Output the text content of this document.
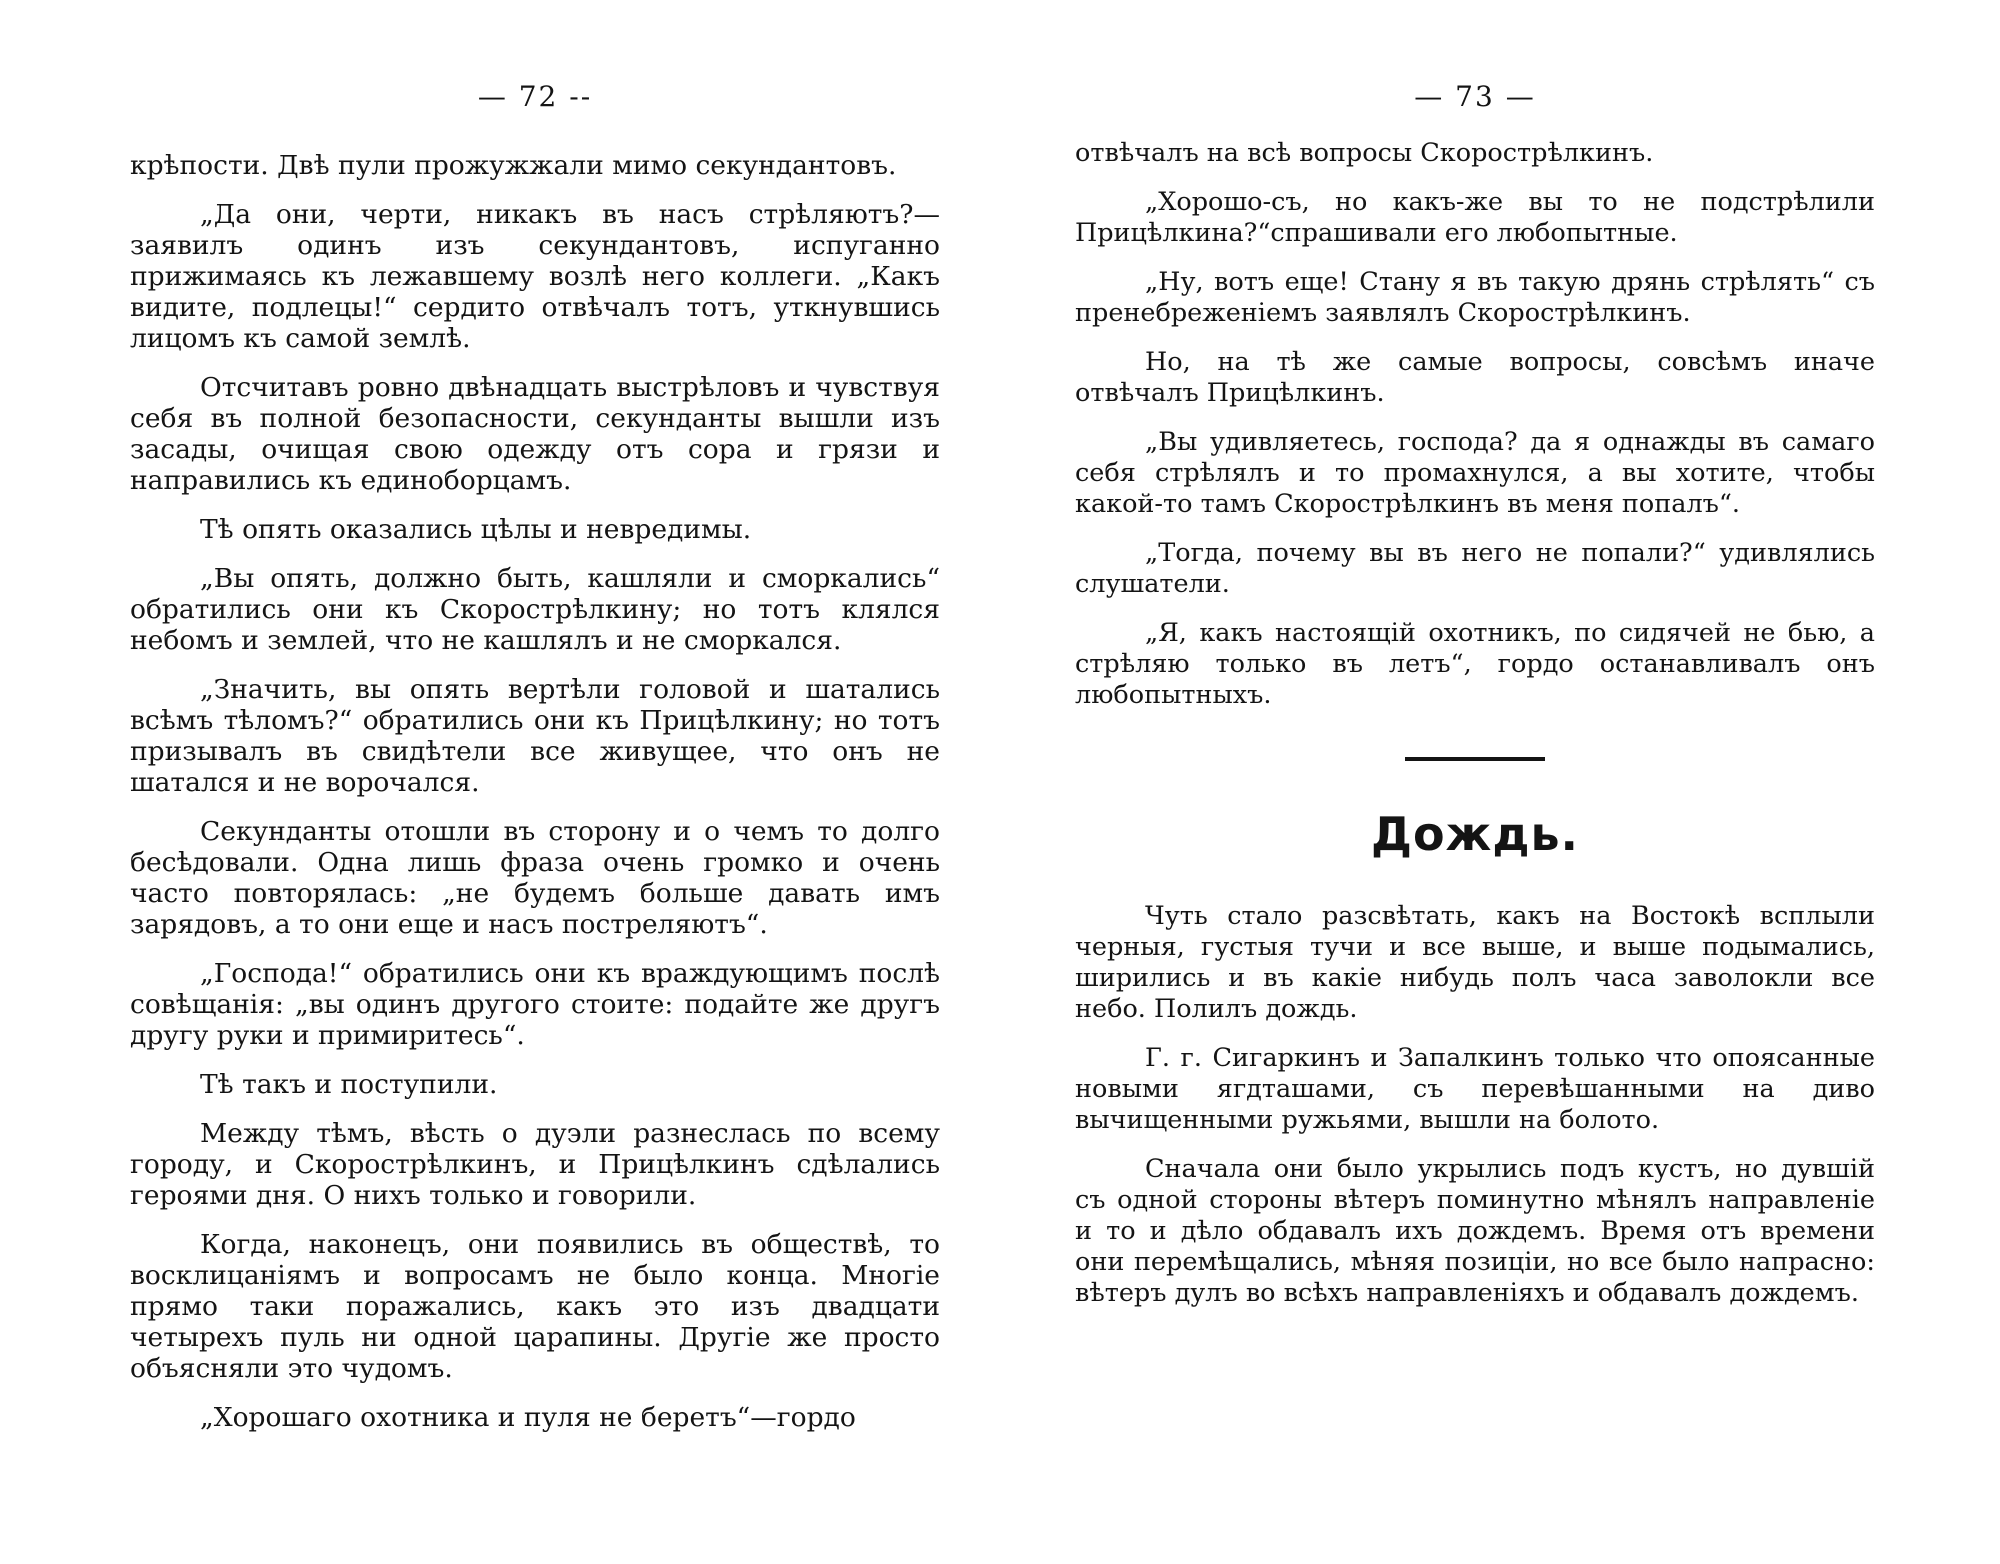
— 72 --

крѣпости. Двѣ пули прожужжали мимо секундантовъ.

„Да они, черти, никакъ въ насъ стрѣляютъ?—заявилъ одинъ изъ секундантовъ, испуганно прижимаясь къ лежавшему возлѣ него коллеги. „Какъ видите, подлецы!“ сердито отвѣчалъ тотъ, уткнувшись лицомъ къ самой землѣ.

Отсчитавъ ровно двѣнадцать выстрѣловъ и чувствуя себя въ полной безопасности, секунданты вышли изъ засады, очищая свою одежду отъ сора и грязи и направились къ единоборцамъ.

Тѣ опять оказались цѣлы и невредимы.

„Вы опять, должно быть, кашляли и сморкались“ обратились они къ Скорострѣлкину; но тотъ клялся небомъ и землей, что не кашлялъ и не сморкался.

„Значить, вы опять вертѣли головой и шатались всѣмъ тѣломъ?“ обратились они къ Прицѣлкину; но тотъ призывалъ въ свидѣтели все живущее, что онъ не шатался и не ворочался.

Секунданты отошли въ сторону и о чемъ то долго бесѣдовали. Одна лишь фраза очень громко и очень часто повторялась: „не будемъ больше давать имъ зарядовъ, а то они еще и насъ постреляютъ“.

„Господа!“ обратились они къ враждующимъ послѣ совѣщанія: „вы одинъ другого стоите: подайте же другъ другу руки и примиритесь“.

Тѣ такъ и поступили.

Между тѣмъ, вѣсть о дуэли разнеслась по всему городу, и Скорострѣлкинъ, и Прицѣлкинъ сдѣлались героями дня. О нихъ только и говорили.

Когда, наконецъ, они появились въ обществѣ, то восклицаніямъ и вопросамъ не было конца. Многіе прямо таки поражались, какъ это изъ двадцати четырехъ пуль ни одной царапины. Другіе же просто объясняли это чудомъ.

„Хорошаго охотника и пуля не беретъ“—гордо

— 73 —

отвѣчалъ на всѣ вопросы Скорострѣлкинъ.

„Хорошо-съ, но какъ-же вы то не подстрѣлили Прицѣлкина?“спрашивали его любопытные.

„Ну, вотъ еще! Стану я въ такую дрянь стрѣлять“ съ пренебреженіемъ заявлялъ Скорострѣлкинъ.

Но, на тѣ же самые вопросы, совсѣмъ иначе отвѣчалъ Прицѣлкинъ.

„Вы удивляетесь, господа? да я однажды въ самаго себя стрѣлялъ и то промахнулся, а вы хотите, чтобы какой-то тамъ Скорострѣлкинъ въ меня попалъ“.

„Тогда, почему вы въ него не попали?“ удивлялись слушатели.

„Я, какъ настоящій охотникъ, по сидячей не бью, а стрѣляю только въ летъ“, гордо останавливалъ онъ любопытныхъ.

Дождь.

Чуть стало разсвѣтать, какъ на Востокѣ всплыли черныя, густыя тучи и все выше, и выше подымались, ширились и въ какіе нибудь полъ часа заволокли все небо. Полилъ дождь.

Г. г. Сигаркинъ и Запалкинъ только что опоясанные новыми ягдташами, съ перевѣшанными на диво вычищенными ружьями, вышли на болото.

Сначала они было укрылись подъ кустъ, но дувшій съ одной стороны вѣтеръ поминутно мѣнялъ направленіе и то и дѣло обдавалъ ихъ дождемъ. Время отъ времени они перемѣщались, мѣняя позиціи, но все было напрасно: вѣтеръ дулъ во всѣхъ направленіяхъ и обдавалъ дождемъ.
